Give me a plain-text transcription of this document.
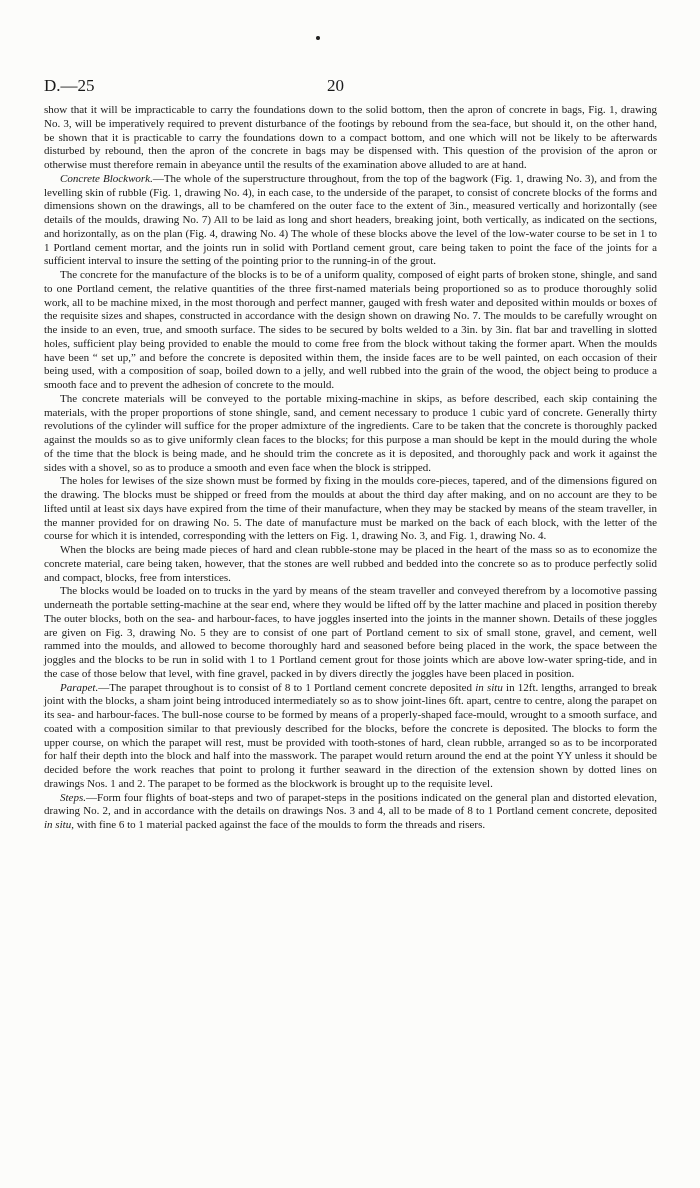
D.—25	20

show that it will be impracticable to carry the foundations down to the solid bottom, then the apron of concrete in bags, Fig. 1, drawing No. 3, will be imperatively required to prevent disturbance of the footings by rebound from the sea-face, but should it, on the other hand, be shown that it is practicable to carry the foundations down to a compact bottom, and one which will not be likely to be afterwards disturbed by rebound, then the apron of the concrete in bags may be dispensed with. This question of the provision of the apron or otherwise must therefore remain in abeyance until the results of the examination above alluded to are at hand.

Concrete Blockwork.—The whole of the superstructure throughout, from the top of the bagwork (Fig. 1, drawing No. 3), and from the levelling skin of rubble (Fig. 1, drawing No. 4), in each case, to the underside of the parapet, to consist of concrete blocks of the forms and dimensions shown on the drawings, all to be chamfered on the outer face to the extent of 3in., measured vertically and horizontally (see details of the moulds, drawing No. 7) All to be laid as long and short headers, breaking joint, both vertically, as indicated on the sections, and horizontally, as on the plan (Fig. 4, drawing No. 4) The whole of these blocks above the level of the low-water course to be set in 1 to 1 Portland cement mortar, and the joints run in solid with Portland cement grout, care being taken to point the face of the joints for a sufficient interval to insure the setting of the pointing prior to the running-in of the grout.

The concrete for the manufacture of the blocks is to be of a uniform quality, composed of eight parts of broken stone, shingle, and sand to one Portland cement, the relative quantities of the three first-named materials being proportioned so as to produce thoroughly solid work, all to be machine mixed, in the most thorough and perfect manner, gauged with fresh water and deposited within moulds or boxes of the requisite sizes and shapes, constructed in accordance with the design shown on drawing No. 7. The moulds to be carefully wrought on the inside to an even, true, and smooth surface. The sides to be secured by bolts welded to a 3in. by 3in. flat bar and travelling in slotted holes, sufficient play being provided to enable the mould to come free from the block without taking the former apart. When the moulds have been “ set up,” and before the concrete is deposited within them, the inside faces are to be well painted, on each occasion of their being used, with a composition of soap, boiled down to a jelly, and well rubbed into the grain of the wood, the object being to produce a smooth face and to prevent the adhesion of concrete to the mould.

The concrete materials will be conveyed to the portable mixing-machine in skips, as before described, each skip containing the materials, with the proper proportions of stone shingle, sand, and cement necessary to produce 1 cubic yard of concrete. Generally thirty revolutions of the cylinder will suffice for the proper admixture of the ingredients. Care to be taken that the concrete is thoroughly packed against the moulds so as to give uniformly clean faces to the blocks; for this purpose a man should be kept in the mould during the whole of the time that the block is being made, and he should trim the concrete as it is deposited, and thoroughly pack and work it against the sides with a shovel, so as to produce a smooth and even face when the block is stripped.

The holes for lewises of the size shown must be formed by fixing in the moulds core-pieces, tapered, and of the dimensions figured on the drawing. The blocks must be shipped or freed from the moulds at about the third day after making, and on no account are they to be lifted until at least six days have expired from the time of their manufacture, when they may be stacked by means of the steam traveller, in the manner provided for on drawing No. 5. The date of manufacture must be marked on the back of each block, with the letter of the course for which it is intended, corresponding with the letters on Fig. 1, drawing No. 3, and Fig. 1, drawing No. 4.

When the blocks are being made pieces of hard and clean rubble-stone may be placed in the heart of the mass so as to economize the concrete material, care being taken, however, that the stones are well rubbed and bedded into the concrete so as to produce perfectly solid and compact, blocks, free from interstices.

The blocks would be loaded on to trucks in the yard by means of the steam traveller and conveyed therefrom by a locomotive passing underneath the portable setting-machine at the sear end, where they would be lifted off by the latter machine and placed in position thereby The outer blocks, both on the sea- and harbour-faces, to have joggles inserted into the joints in the manner shown. Details of these joggles are given on Fig. 3, drawing No. 5 they are to consist of one part of Portland cement to six of small stone, gravel, and cement, well rammed into the moulds, and allowed to become thoroughly hard and seasoned before being placed in the work, the space between the joggles and the blocks to be run in solid with 1 to 1 Portland cement grout for those joints which are above low-water spring-tide, and in the case of those below that level, with fine gravel, packed in by divers directly the joggles have been placed in position.

Parapet.—The parapet throughout is to consist of 8 to 1 Portland cement concrete deposited in situ in 12ft. lengths, arranged to break joint with the blocks, a sham joint being introduced intermediately so as to show joint-lines 6ft. apart, centre to centre, along the parapet on its sea- and harbour-faces. The bull-nose course to be formed by means of a properly-shaped face-mould, wrought to a smooth surface, and coated with a composition similar to that previously described for the blocks, before the concrete is deposited. The blocks to form the upper course, on which the parapet will rest, must be provided with tooth-stones of hard, clean rubble, arranged so as to be incorporated for half their depth into the block and half into the masswork. The parapet would return around the end at the point YY unless it should be decided before the work reaches that point to prolong it further seaward in the direction of the extension shown by dotted lines on drawings Nos. 1 and 2. The parapet to be formed as the blockwork is brought up to the requisite level.

Steps.—Form four flights of boat-steps and two of parapet-steps in the positions indicated on the general plan and distorted elevation, drawing No. 2, and in accordance with the details on drawings Nos. 3 and 4, all to be made of 8 to 1 Portland cement concrete, deposited in situ, with fine 6 to 1 material packed against the face of the moulds to form the threads and risers.
